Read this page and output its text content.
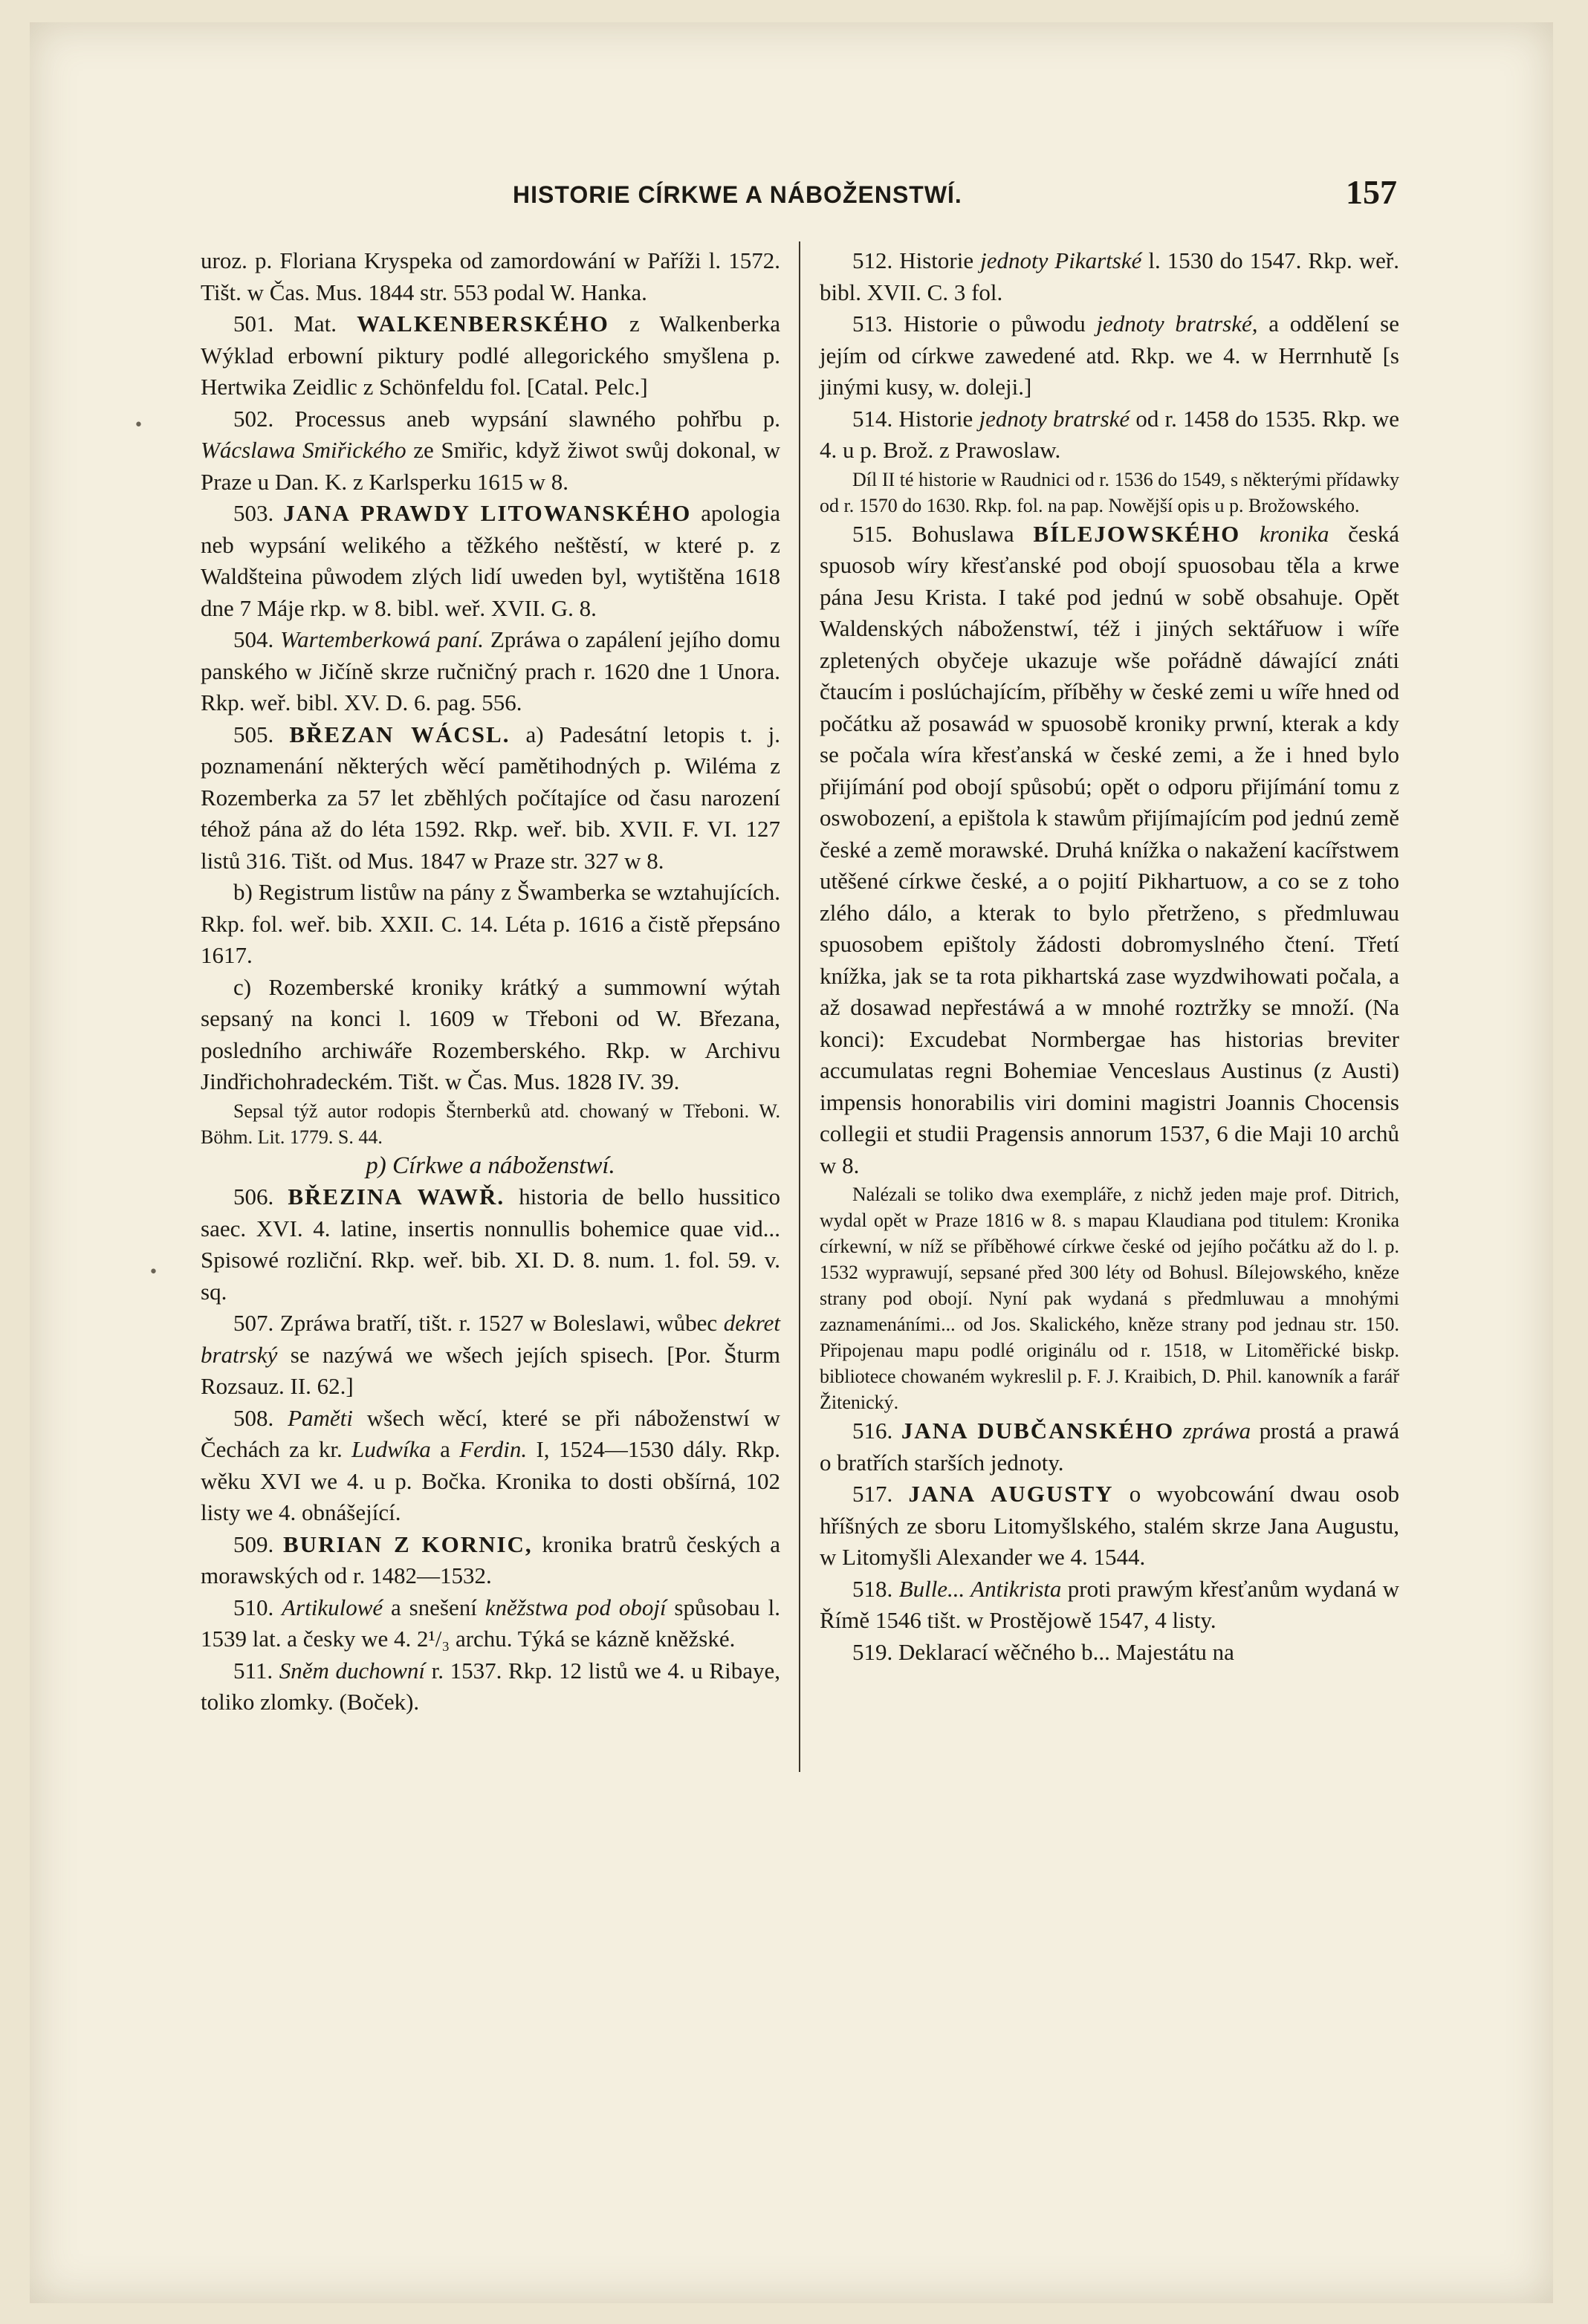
HISTORIE CÍRKWE A NÁBOŽENSTWÍ.	157
•
•

uroz. p. Floriana Kryspeka od zamordowání w Paříži l. 1572. Tišt. w Čas. Mus. 1844 str. 553 podal W. Hanka.

501. Mat. WALKENBERSKÉHO z Walkenberka Wýklad erbowní piktury podlé allegorického smyšlena p. Hertwika Zeidlic z Schönfeldu fol. [Catal. Pelc.]

502. Processus aneb wypsání slawného pohřbu p. Wácslawa Smiřického ze Smiřic, když žiwot swůj dokonal, w Praze u Dan. K. z Karlsperku 1615 w 8.

503. JANA PRAWDY LITOWANSKÉHO apologia neb wypsání welikého a těžkého neštěstí, w které p. z Waldšteina půwodem zlých lidí uweden byl, wytištěna 1618 dne 7 Máje rkp. w 8. bibl. weř. XVII. G. 8.

504. Wartemberkowá paní. Zpráwa o zapálení jejího domu panského w Jičíně skrze ručničný prach r. 1620 dne 1 Unora. Rkp. weř. bibl. XV. D. 6. pag. 556.

505. BŘEZAN WÁCSL. a) Padesátní letopis t. j. poznamenání některých wěcí pamětihodných p. Wiléma z Rozemberka za 57 let zběhlých počítajíce od času narození téhož pána až do léta 1592. Rkp. weř. bib. XVII. F. VI. 127 listů 316. Tišt. od Mus. 1847 w Praze str. 327 w 8.

b) Registrum listůw na pány z Šwamberka se wztahujících. Rkp. fol. weř. bib. XXII. C. 14. Léta p. 1616 a čistě přepsáno 1617.

c) Rozemberské kroniky krátký a summowní wýtah sepsaný na konci l. 1609 w Třeboni od W. Březana, posledního archiwáře Rozemberského. Rkp. w Archivu Jindřichohradeckém. Tišt. w Čas. Mus. 1828 IV. 39.

Sepsal týž autor rodopis Šternberků atd. chowaný w Třeboni. W. Böhm. Lit. 1779. S. 44.

p) Církwe a náboženstwí.

506. BŘEZINA WAWŘ. historia de bello hussitico saec. XVI. 4. latine, insertis nonnullis bohemice quae vid... Spisowé rozliční. Rkp. weř. bib. XI. D. 8. num. 1. fol. 59. v. sq.

507. Zpráwa bratří, tišt. r. 1527 w Boleslawi, wůbec dekret bratrský se nazýwá we wšech jejích spisech. [Por. Šturm Rozsauz. II. 62.]

508. Paměti wšech wěcí, které se při náboženstwí w Čechách za kr. Ludwíka a Ferdin. I, 1524—1530 dály. Rkp. wěku XVI we 4. u p. Bočka. Kronika to dosti obšírná, 102 listy we 4. obnášející.

509. BURIAN Z KORNIC, kronika bratrů českých a morawských od r. 1482—1532.

510. Artikulowé a snešení kněžstwa pod obojí spůsobau l. 1539 lat. a česky we 4. 2¹/₃ archu. Týká se kázně kněžské.

511. Sněm duchowní r. 1537. Rkp. 12 listů we 4. u Ribaye, toliko zlomky. (Boček).

512. Historie jednoty Pikartské l. 1530 do 1547. Rkp. weř. bibl. XVII. C. 3 fol.

513. Historie o půwodu jednoty bratrské, a oddělení se jejím od církwe zawedené atd. Rkp. we 4. w Herrnhutě [s jinými kusy, w. doleji.]

514. Historie jednoty bratrské od r. 1458 do 1535. Rkp. we 4. u p. Brož. z Prawoslaw.

Díl II té historie w Raudnici od r. 1536 do 1549, s některými přídawky od r. 1570 do 1630. Rkp. fol. na pap. Nowější opis u p. Brožowského.

515. Bohuslawa BÍLEJOWSKÉHO kronika česká spuosob wíry křesťanské pod obojí spuosobau těla a krwe pána Jesu Krista. I také pod jednú w sobě obsahuje. Opět Waldenských náboženstwí, též i jiných sektářuow i wíře zpletených obyčeje ukazuje wše pořádně dáwající znáti čtaucím i poslúchajícím, příběhy w české zemi u wíře hned od počátku až posawád w spuosobě kroniky prwní, kterak a kdy se počala wíra křesťanská w české zemi, a že i hned bylo přijímání pod obojí spůsobú; opět o odporu přijímání tomu z oswobození, a epištola k stawům přijímajícím pod jednú země české a země morawské. Druhá knížka o nakažení kacířstwem utěšené církwe české, a o pojití Pikhartuow, a co se z toho zlého dálo, a kterak to bylo přetrženo, s předmluwau spuosobem epištoly žádosti dobromyslného čtení. Třetí knížka, jak se ta rota pikhartská zase wyzdwihowati počala, a až dosawad nepřestáwá a w mnohé roztržky se množí. (Na konci): Excudebat Normbergae has historias breviter accumulatas regni Bohemiae Venceslaus Austinus (z Austi) impensis honorabilis viri domini magistri Joannis Chocensis collegii et studii Pragensis annorum 1537, 6 die Maji 10 archů w 8.

Nalézali se toliko dwa exempláře, z nichž jeden maje prof. Ditrich, wydal opět w Praze 1816 w 8. s mapau Klaudiana pod titulem: Kronika církewní, w níž se příběhowé církwe české od jejího počátku až do l. p. 1532 wyprawují, sepsané před 300 léty od Bohusl. Bílejowského, kněze strany pod obojí. Nyní pak wydaná s předmluwau a mnohými zaznamenáními... od Jos. Skalického, kněze strany pod jednau str. 150. Připojenau mapu podlé originálu od r. 1518, w Litoměřické biskp. bibliotece chowaném wykreslil p. F. J. Kraibich, D. Phil. kanowník a farář Žitenický.

516. JANA DUBČANSKÉHO zpráwa prostá a prawá o bratřích starších jednoty.

517. JANA AUGUSTY o wyobcowání dwau osob hříšných ze sboru Litomyšlského, stalém skrze Jana Augustu, w Litomyšli Alexander we 4. 1544.

518. Bulle... Antikrista proti prawým křesťanům wydaná w Římě 1546 tišt. w Prostějowě 1547, 4 listy.

519. Deklarací wěčného b... Majestátu na
